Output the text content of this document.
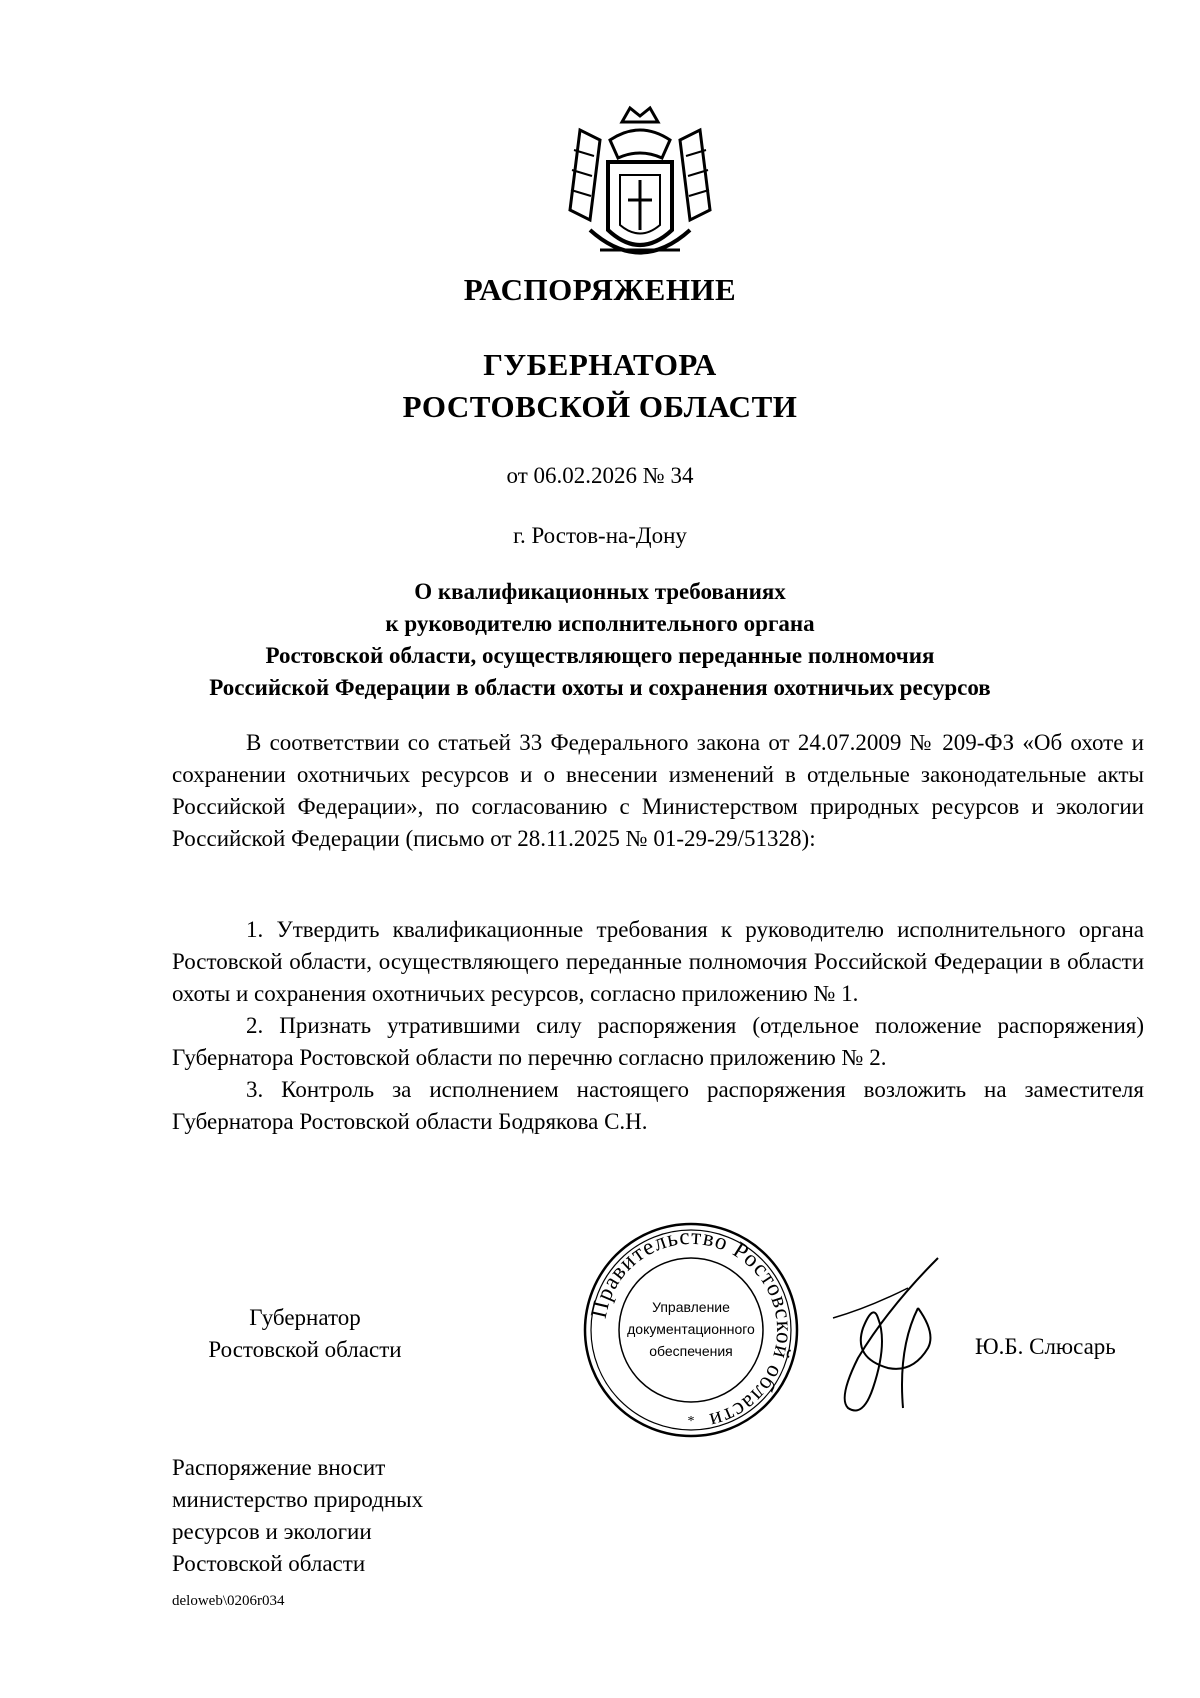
РАСПОРЯЖЕНИЕ
ГУБЕРНАТОРА
РОСТОВСКОЙ ОБЛАСТИ
от 06.02.2026 № 34
г. Ростов-на-Дону
О квалификационных требованиях
к руководителю исполнительного органа
Ростовской области, осуществляющего переданные полномочия
Российской Федерации в области охоты и сохранения охотничьих ресурсов

В соответствии со статьей 33 Федерального закона от 24.07.2009 № 209-ФЗ «Об охоте и сохранении охотничьих ресурсов и о внесении изменений в отдельные законодательные акты Российской Федерации», по согласованию с Министерством природных ресурсов и экологии Российской Федерации (письмо от 28.11.2025 № 01-29-29/51328):

1. Утвердить квалификационные требования к руководителю исполнительного органа Ростовской области, осуществляющего переданные полномочия Российской Федерации в области охоты и сохранения охотничьих ресурсов, согласно приложению № 1.

2. Признать утратившими силу распоряжения (отдельное положение распоряжения) Губернатора Ростовской области по перечню согласно приложению № 2.

3. Контроль за исполнением настоящего распоряжения возложить на заместителя Губернатора Ростовской области Бодрякова С.Н.

Губернатор
Ростовской области
Правительство Ростовской области
Управление
документационного
обеспечения
*
Ю.Б. Слюсарь
Распоряжение вносит
министерство природных
ресурсов и экологии
Ростовской области
deloweb\0206r034
